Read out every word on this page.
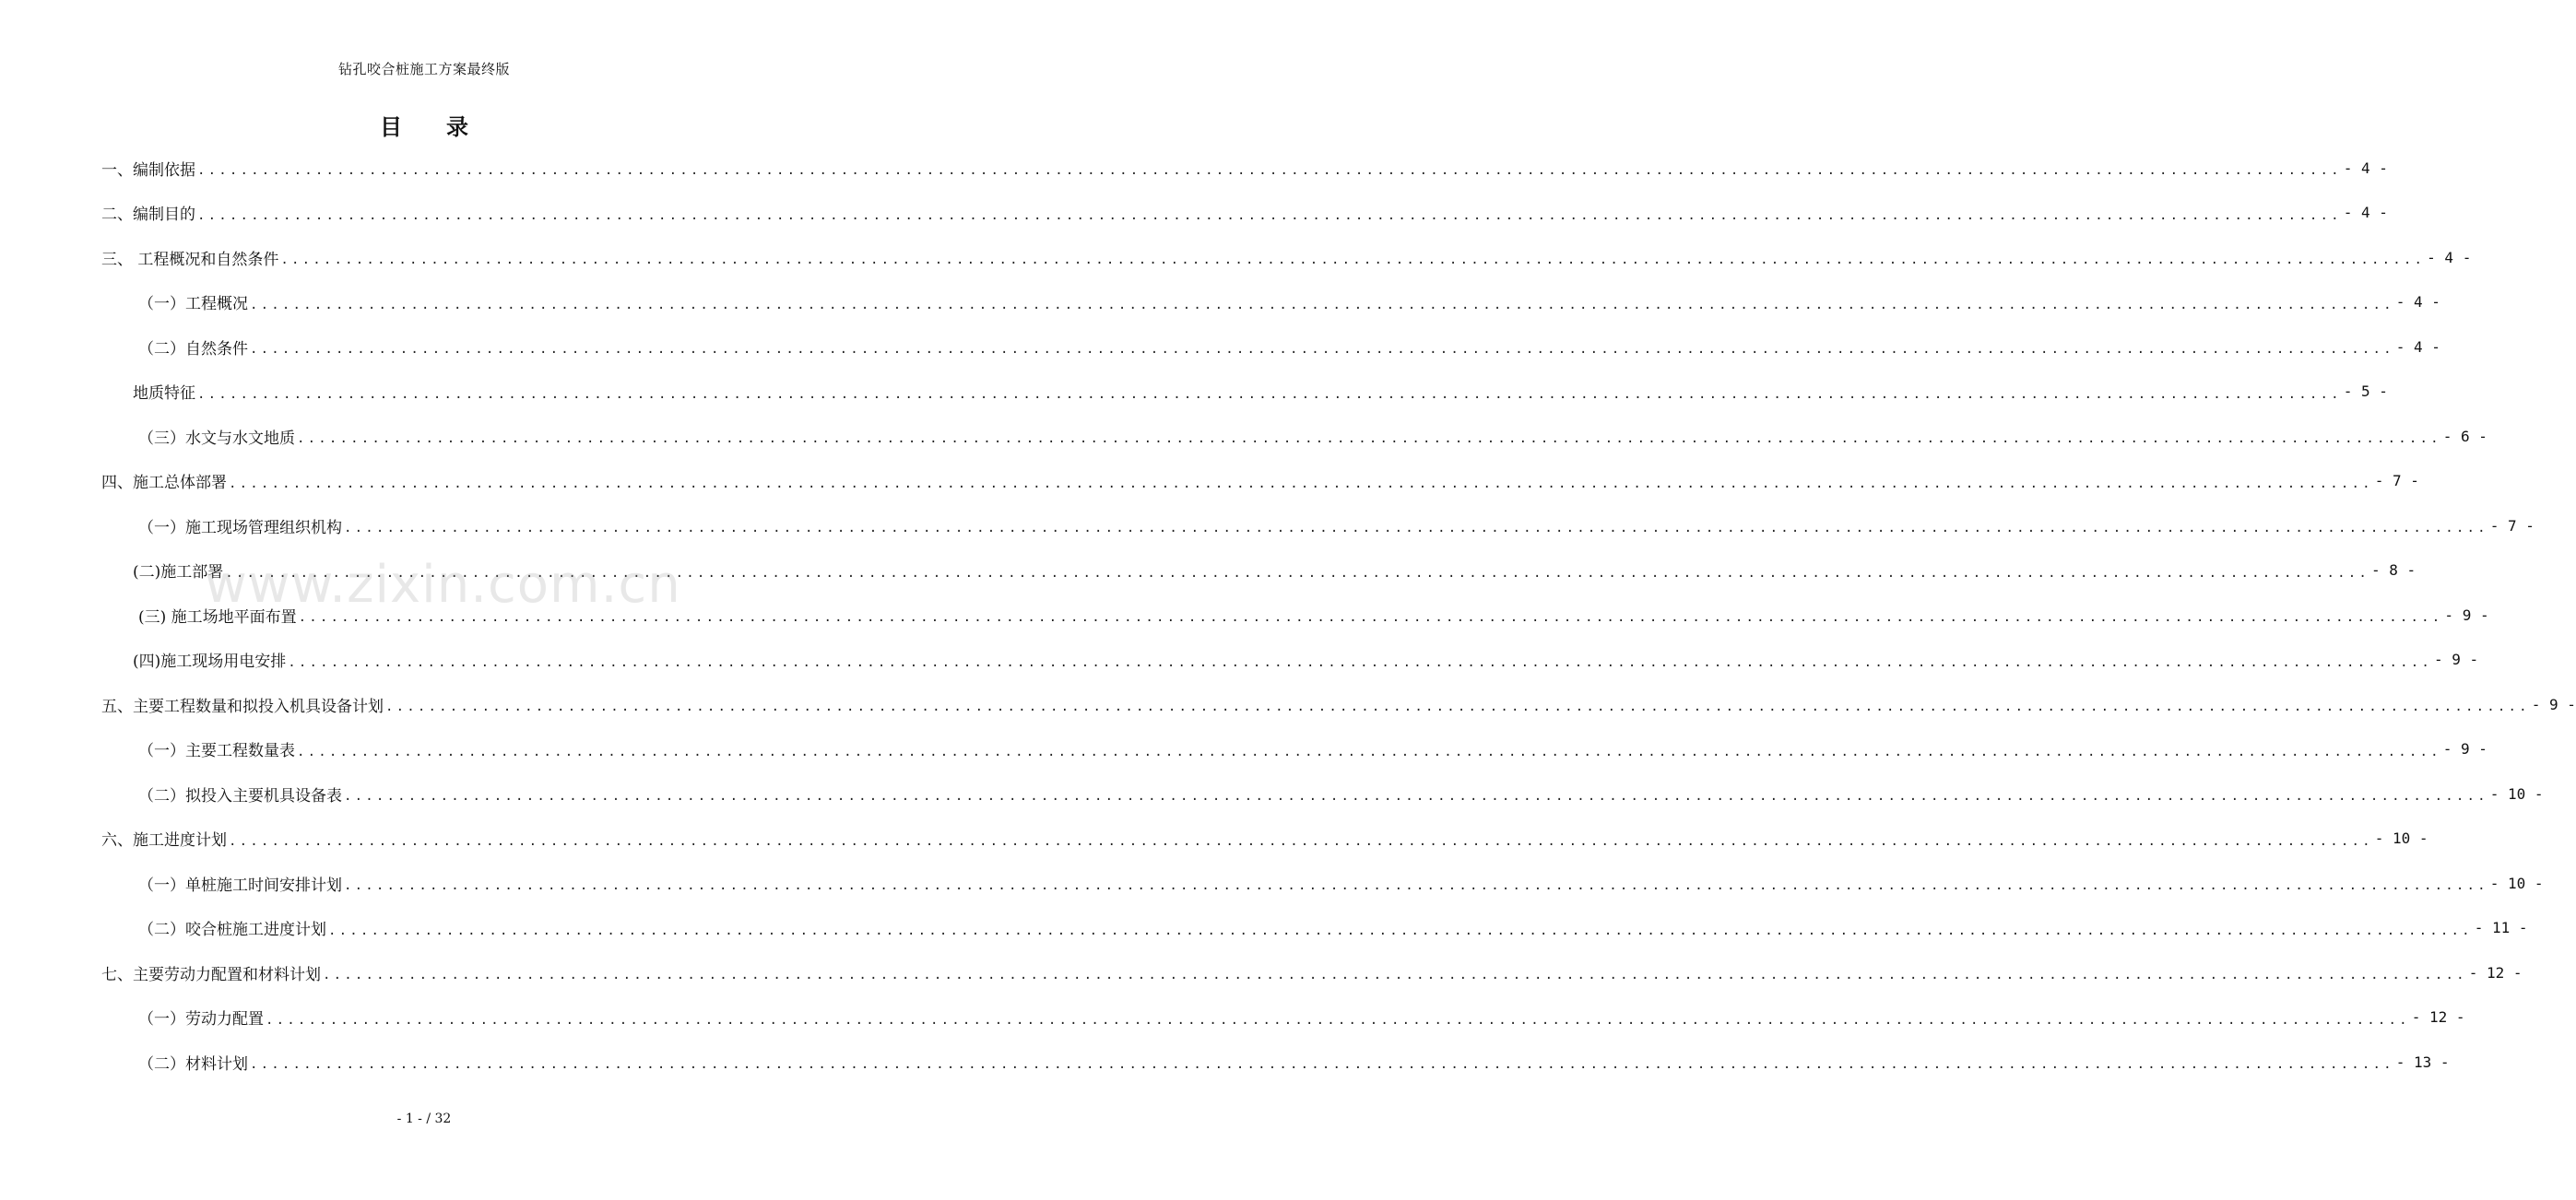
钻孔咬合桩施工方案最终版
目录
一、编制依据 ........................................................................................................................................................................................................ - 4 -
二、编制目的 ........................................................................................................................................................................................................ - 4 -
三、 工程概况和自然条件 ........................................................................................................................................................................................................ - 4 -
（一）工程概况 ........................................................................................................................................................................................................ - 4 -
（二）自然条件 ........................................................................................................................................................................................................ - 4 -
地质特征 ........................................................................................................................................................................................................ - 5 -
（三）水文与水文地质 ........................................................................................................................................................................................................ - 6 -
四、施工总体部署 ........................................................................................................................................................................................................ - 7 -
（一）施工现场管理组织机构 ........................................................................................................................................................................................................ - 7 -
(二)施工部署 ........................................................................................................................................................................................................ - 8 -
(三) 施工场地平面布置 ........................................................................................................................................................................................................ - 9 -
(四)施工现场用电安排 ........................................................................................................................................................................................................ - 9 -
五、主要工程数量和拟投入机具设备计划 ........................................................................................................................................................................................................ - 9 -
（一）主要工程数量表 ........................................................................................................................................................................................................ - 9 -
（二）拟投入主要机具设备表 ........................................................................................................................................................................................................ - 10 -
六、施工进度计划 ........................................................................................................................................................................................................ - 10 -
（一）单桩施工时间安排计划 ........................................................................................................................................................................................................ - 10 -
（二）咬合桩施工进度计划 ........................................................................................................................................................................................................ - 11 -
七、主要劳动力配置和材料计划 ........................................................................................................................................................................................................ - 12 -
（一）劳动力配置 ........................................................................................................................................................................................................ - 12 -
（二）材料计划 ........................................................................................................................................................................................................ - 13 -
www.zixin.com.cn
- 1 - / 32
